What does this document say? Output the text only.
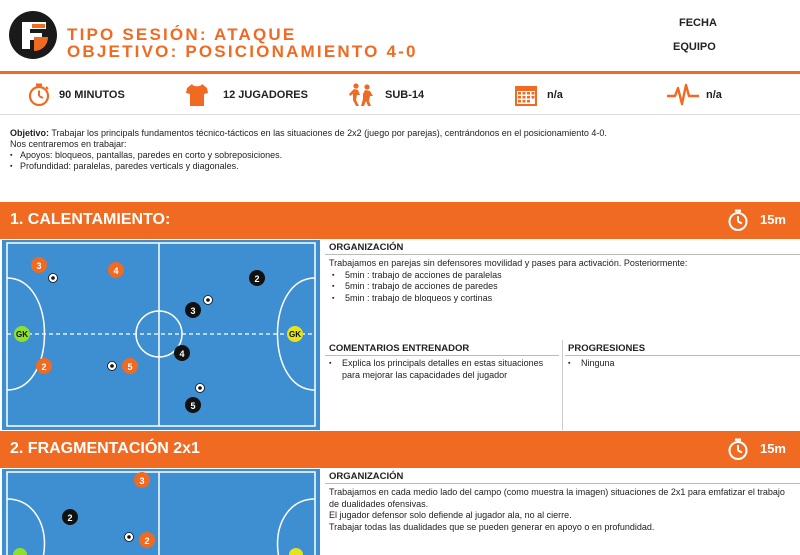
TIPO SESIÓN: ATAQUE
OBJETIVO: POSICIONAMIENTO 4-0
FECHA
EQUIPO
90 MINUTOS	12 JUGADORES	SUB-14	n/a	n/a
Objetivo: Trabajar los principals fundamentos técnico-tácticos en las situaciones de 2x2 (juego por parejas), centrándonos en el posicionamiento 4-0.
Nos centraremos en trabajar:
▪ Apoyos: bloqueos, pantallas, paredes en corto y sobreposiciones.
▪ Profundidad: paralelas, paredes verticals y diagonales.
1. CALENTAMIENTO:	15m
GK	GK
3	4
2	5
2
3
4
5
ORGANIZACIÓN
Trabajamos en parejas sin defensores movilidad y pases para activación. Posteriormente:
▪ 5min : trabajo de acciones de paralelas
▪ 5min : trabajo de acciones de paredes
▪ 5min : trabajo de bloqueos y cortinas
COMENTARIOS ENTRENADOR
▪ Explica los principals detalles en estas situaciones para mejorar las capacidades del jugador
PROGRESIONES
▪ Ninguna
2. FRAGMENTACIÓN 2x1	15m
3
2
2
ORGANIZACIÓN
Trabajamos en cada medio lado del campo (como muestra la imagen) situaciones de 2x1 para emfatizar el trabajo de dualidades ofensivas.
El jugador defensor solo defiende al jugador ala, no al cierre.
Trabajar todas las dualidades que se pueden generar en apoyo o en profundidad.
